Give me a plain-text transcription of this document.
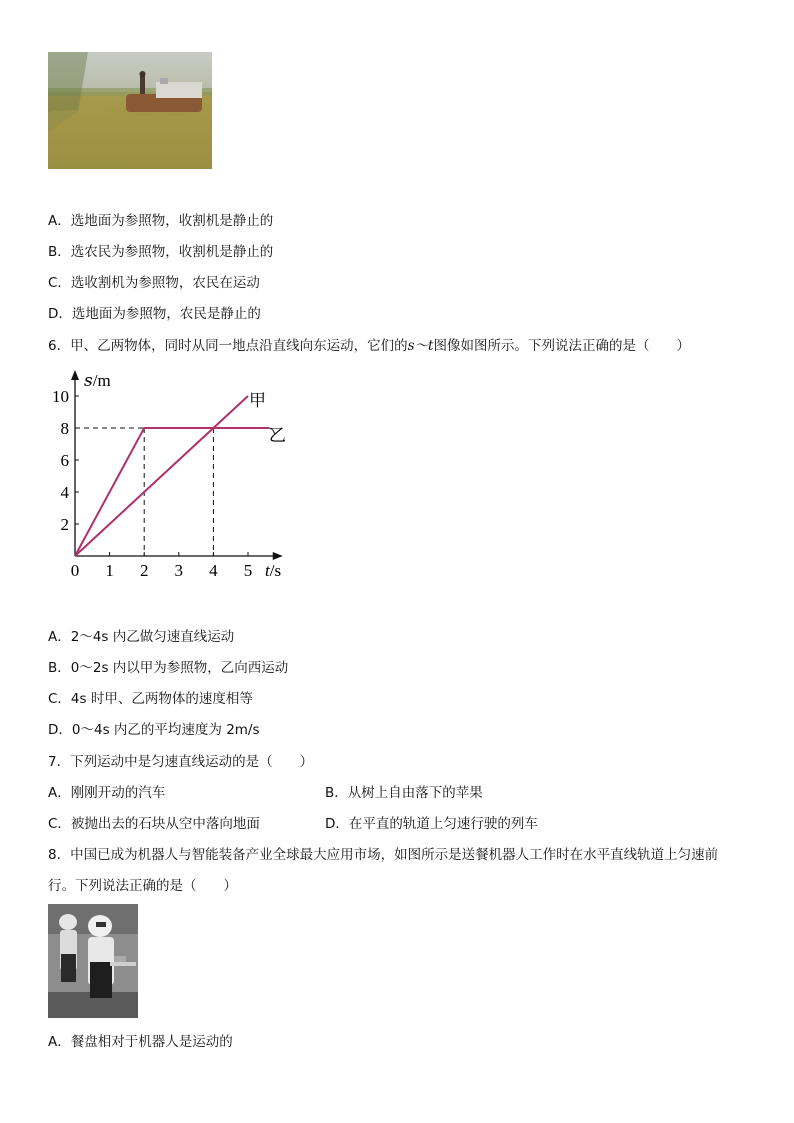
A．选地面为参照物，收割机是静止的
B．选农民为参照物，收割机是静止的
C．选收割机为参照物，农民在运动
D．选地面为参照物，农民是静止的
6．甲、乙两物体，同时从同一地点沿直线向东运动，它们的s～t图像如图所示。下列说法正确的是（　　）
0 1 2 3 4 5
2
4
6
8
10
s/m
t/s
甲
乙
A．2～4s 内乙做匀速直线运动
B．0～2s 内以甲为参照物，乙向西运动
C．4s 时甲、乙两物体的速度相等
D．0～4s 内乙的平均速度为 2m/s
7．下列运动中是匀速直线运动的是（　　）
A．刚刚开动的汽车	B．从树上自由落下的苹果
C．被抛出去的石块从空中落向地面	D．在平直的轨道上匀速行驶的列车
8．中国已成为机器人与智能装备产业全球最大应用市场，如图所示是送餐机器人工作时在水平直线轨道上匀速前
行。下列说法正确的是（　　）
A．餐盘相对于机器人是运动的
